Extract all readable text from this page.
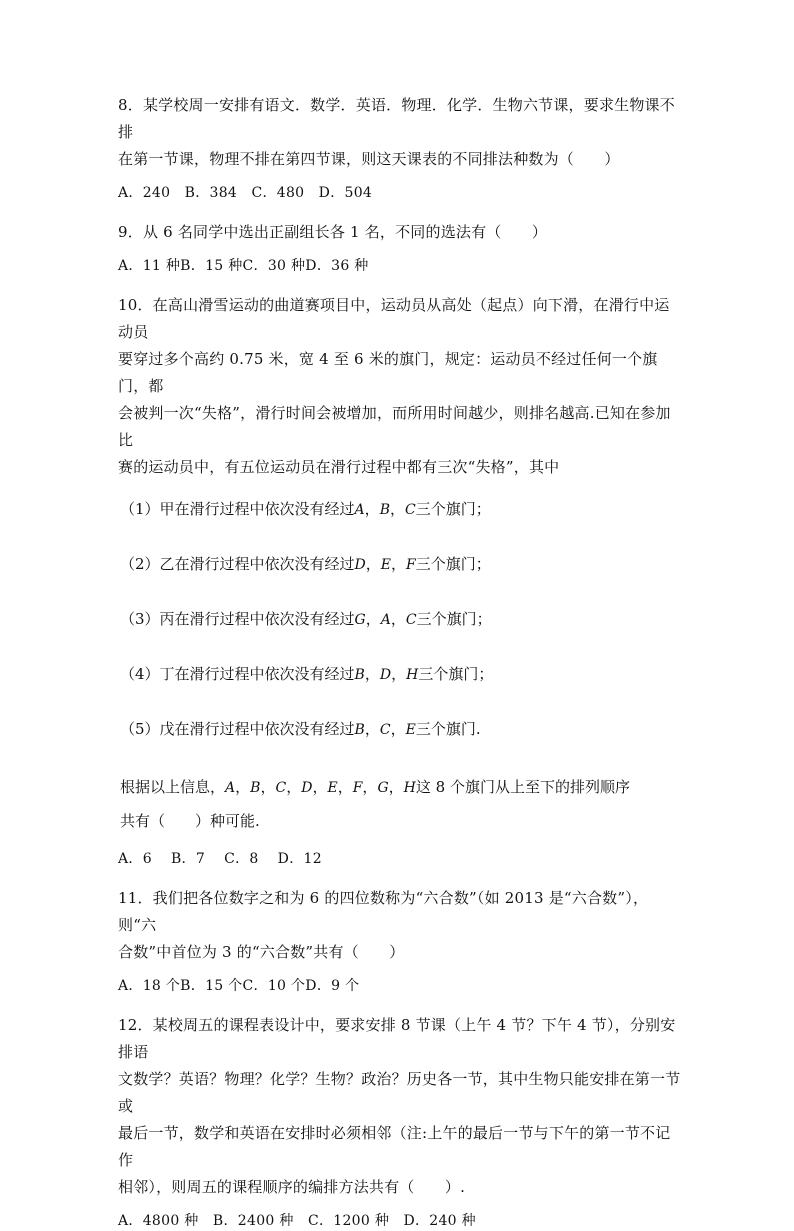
8．某学校周一安排有语文．数学．英语．物理．化学．生物六节课，要求生物课不排
在第一节课，物理不排在第四节课，则这天课表的不同排法种数为（　　）
A．240　B．384　C．480　D．504
9．从 6 名同学中选出正副组长各 1 名，不同的选法有（　　）
A．11 种B．15 种C．30 种D．36 种
10．在高山滑雪运动的曲道赛项目中，运动员从高处（起点）向下滑，在滑行中运动员
要穿过多个高约 0.75 米，宽 4 至 6 米的旗门，规定：运动员不经过任何一个旗门，都
会被判一次“失格”，滑行时间会被增加，而所用时间越少，则排名越高.已知在参加比
赛的运动员中，有五位运动员在滑行过程中都有三次“失格”，其中
（1）甲在滑行过程中依次没有经过A，B，C三个旗门；
（2）乙在滑行过程中依次没有经过D，E，F三个旗门；
（3）丙在滑行过程中依次没有经过G，A，C三个旗门；
（4）丁在滑行过程中依次没有经过B，D，H三个旗门；
（5）戊在滑行过程中依次没有经过B，C，E三个旗门.
根据以上信息，A，B，C，D，E，F，G，H这 8 个旗门从上至下的排列顺序
共有（　　）种可能.
A．6　 B．7　 C．8　 D．12
11．我们把各位数字之和为 6 的四位数称为“六合数”（如 2013 是“六合数”），则“六
合数”中首位为 3 的“六合数”共有（　　）
A．18 个B．15 个C．10 个D．9 个
12．某校周五的课程表设计中，要求安排 8 节课（上午 4 节？下午 4 节），分别安排语
文数学？英语？物理？化学？生物？政治？历史各一节，其中生物只能安排在第一节或
最后一节，数学和英语在安排时必须相邻（注:上午的最后一节与下午的第一节不记作
相邻），则周五的课程顺序的编排方法共有（　　）.
A．4800 种　B．2400 种　C．1200 种　D．240 种
